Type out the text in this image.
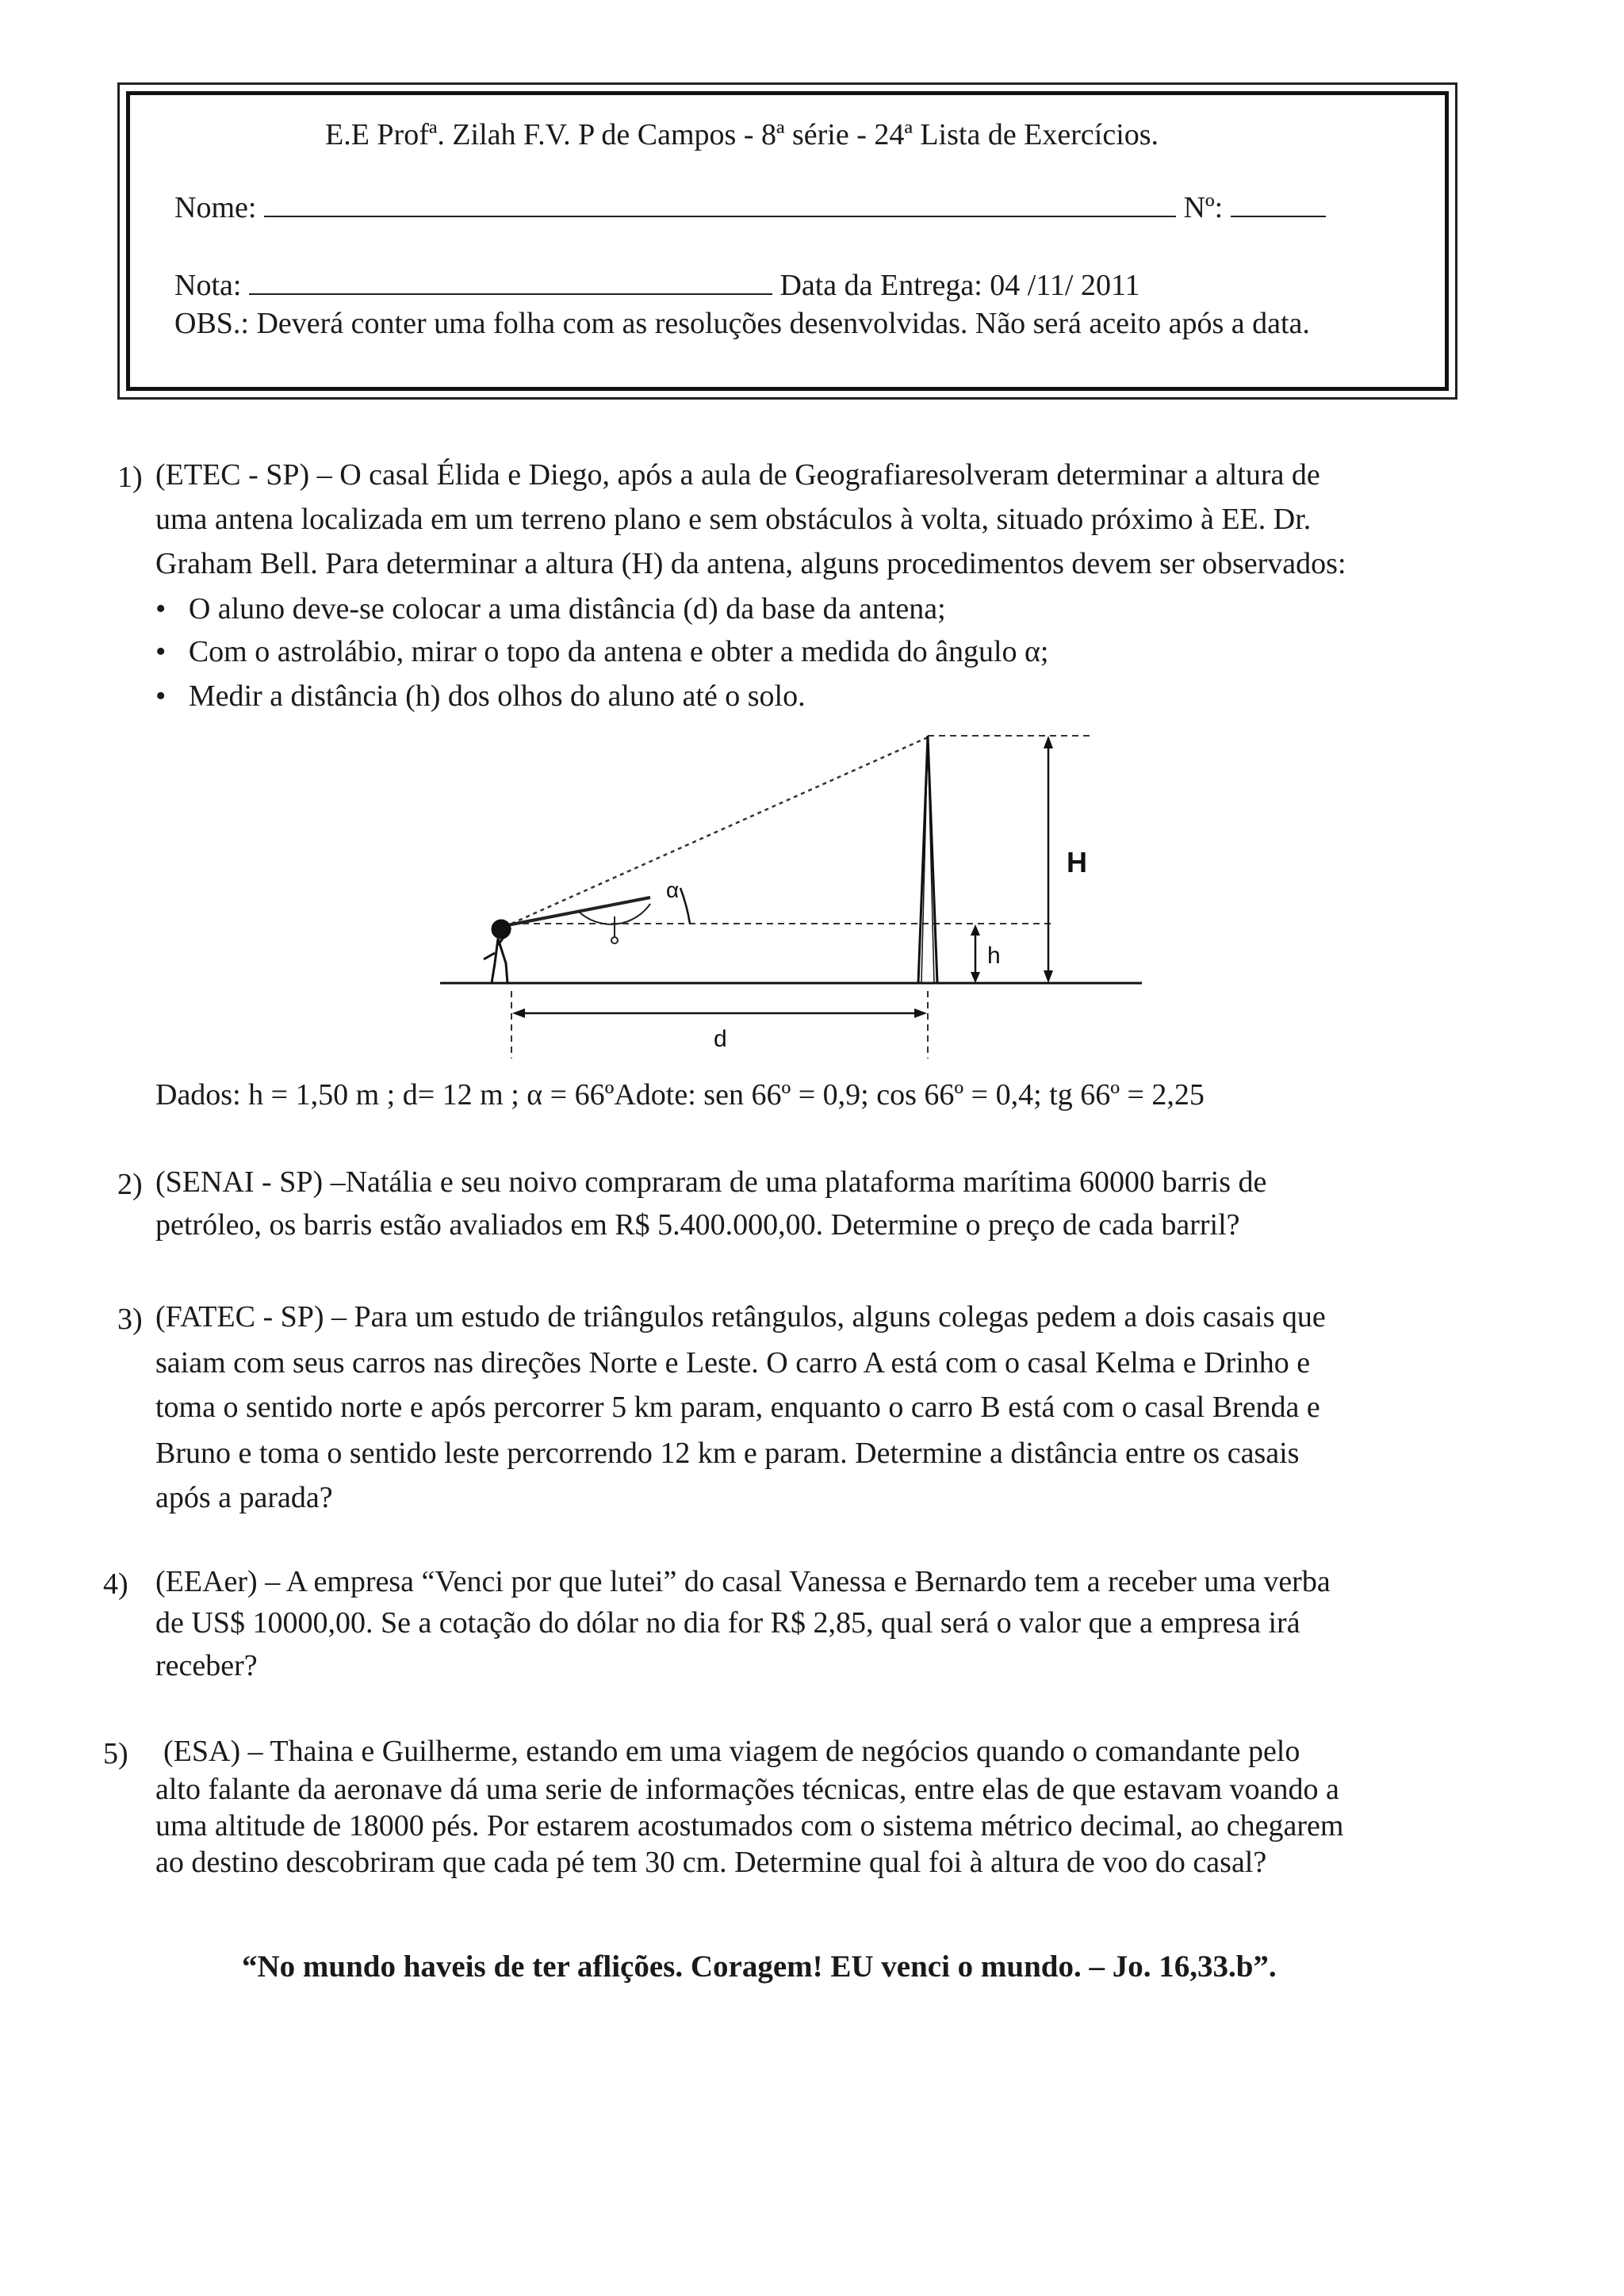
E.E Profª. Zilah F.V. P de Campos - 8ª série - 24ª Lista de Exercícios.
Nome:	Nº:
Nota:	Data da Entrega: 04 /11/ 2011
OBS.: Deverá conter uma folha com as resoluções desenvolvidas. Não será aceito após a data.
1) (ETEC - SP) – O casal Élida e Diego, após a aula de Geografiaresolveram determinar a altura de
uma antena localizada em um terreno plano e sem obstáculos à volta, situado próximo à EE. Dr.
Graham Bell. Para determinar a altura (H) da antena, alguns procedimentos devem ser observados:
•   O aluno deve-se colocar a uma distância (d) da base da antena;
•   Com o astrolábio, mirar o topo da antena e obter a medida do ângulo α;
•   Medir a distância (h) dos olhos do aluno até o solo.
H
h
α
d
Dados: h = 1,50 m ; d= 12 m ; α = 66ºAdote: sen 66º = 0,9; cos 66º = 0,4; tg 66º = 2,25
2) (SENAI - SP) –Natália e seu noivo compraram de uma plataforma marítima 60000 barris de
petróleo, os barris estão avaliados em R$ 5.400.000,00. Determine o preço de cada barril?
3) (FATEC - SP) – Para um estudo de triângulos retângulos, alguns colegas pedem a dois casais que
saiam com seus carros nas direções Norte e Leste. O carro A está com o casal Kelma e Drinho e
toma o sentido norte e após percorrer 5 km param, enquanto o carro B está com o casal Brenda e
Bruno e toma o sentido leste percorrendo 12 km e param. Determine a distância entre os casais
após a parada?
4) (EEAer) – A empresa “Venci por que lutei” do casal Vanessa e Bernardo tem a receber uma verba
de US$ 10000,00. Se a cotação do dólar no dia for R$ 2,85, qual será o valor que a empresa irá
receber?
5) (ESA) – Thaina e Guilherme, estando em uma viagem de negócios quando o comandante pelo
alto falante da aeronave dá uma serie de informações técnicas, entre elas de que estavam voando a
uma altitude de 18000 pés. Por estarem acostumados com o sistema métrico decimal, ao chegarem
ao destino descobriram que cada pé tem 30 cm. Determine qual foi à altura de voo do casal?
“No mundo haveis de ter aflições. Coragem! EU venci o mundo. – Jo. 16,33.b”.
